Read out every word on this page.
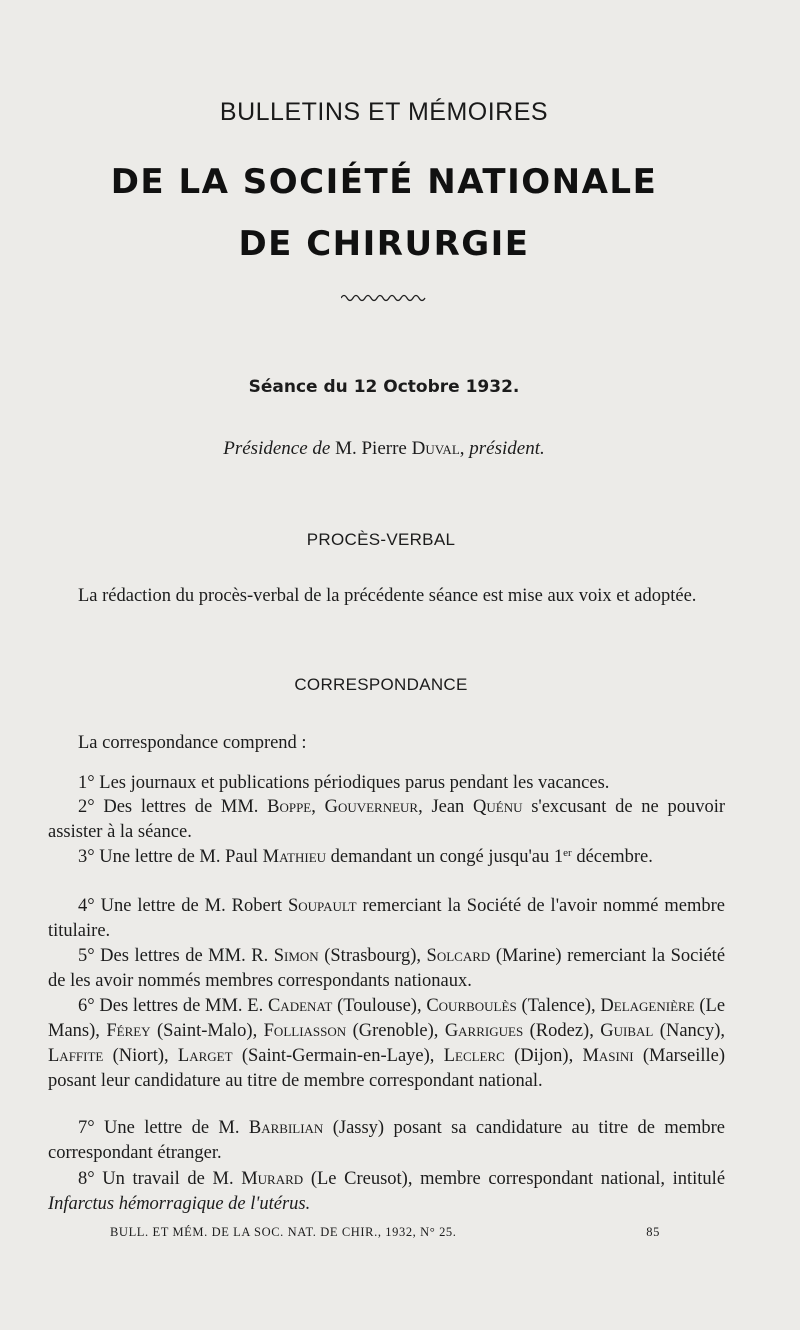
BULLETINS ET MÉMOIRES
DE LA SOCIÉTÉ NATIONALE
DE CHIRURGIE
Séance du 12 Octobre 1932.
Présidence de M. Pierre Duval, président.
PROCÈS-VERBAL
La rédaction du procès-verbal de la précédente séance est mise aux voix et adoptée.
CORRESPONDANCE
La correspondance comprend :
1° Les journaux et publications périodiques parus pendant les vacances.
2° Des lettres de MM. Boppe, Gouverneur, Jean Quénu s'excusant de ne pouvoir assister à la séance.
3° Une lettre de M. Paul Mathieu demandant un congé jusqu'au 1er décembre.
4° Une lettre de M. Robert Soupault remerciant la Société de l'avoir nommé membre titulaire.
5° Des lettres de MM. R. Simon (Strasbourg), Solcard (Marine) remerciant la Société de les avoir nommés membres correspondants nationaux.
6° Des lettres de MM. E. Cadenat (Toulouse), Courboulès (Talence), Delagenière (Le Mans), Férey (Saint-Malo), Folliasson (Grenoble), Garrigues (Rodez), Guibal (Nancy), Laffite (Niort), Larget (Saint-Germain-en-Laye), Leclerc (Dijon), Masini (Marseille) posant leur candidature au titre de membre correspondant national.
7° Une lettre de M. Barbilian (Jassy) posant sa candidature au titre de membre correspondant étranger.
8° Un travail de M. Murard (Le Creusot), membre correspondant national, intitulé Infarctus hémorragique de l'utérus.
BULL. ET MÉM. DE LA SOC. NAT. DE CHIR., 1932, N° 25.	85
